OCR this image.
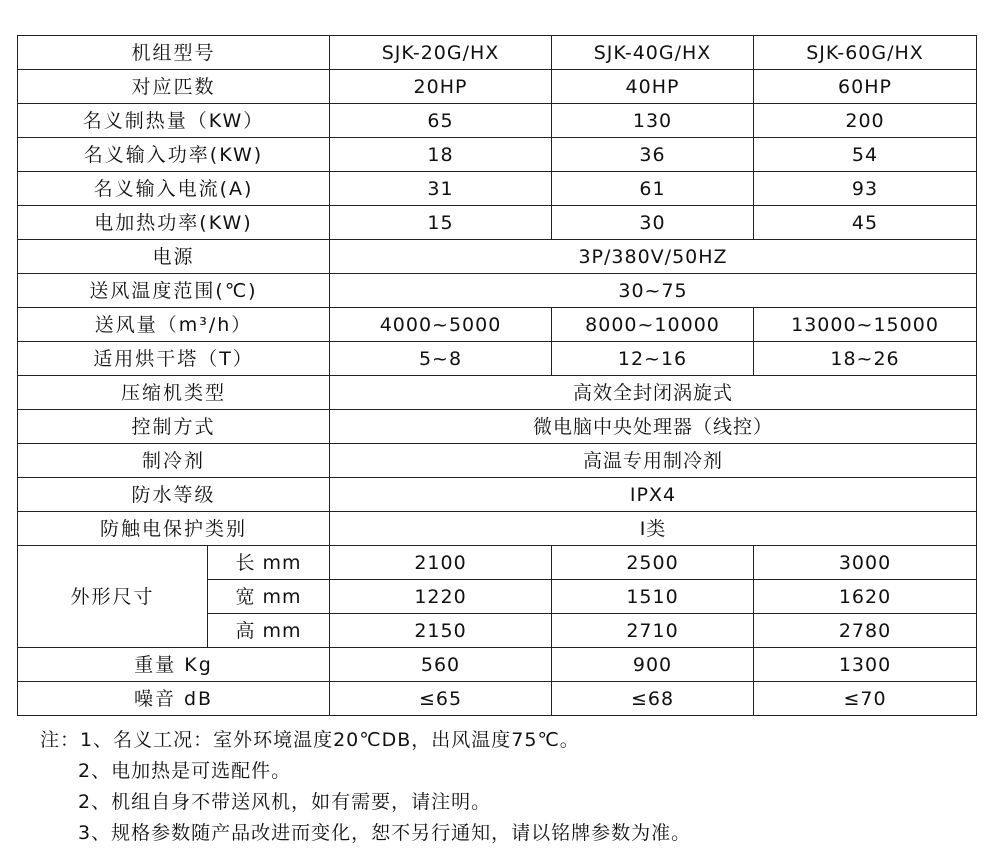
机组型号		SJK-20G/HX	SJK-40G/HX	SJK-60G/HX
对应匹数		20HP	40HP	60HP
名义制热量（KW）		65	130	200
名义输入功率(KW)		18	36	54
名义输入电流(A)		31	61	93
电加热功率(KW)		15	30	45
电源		3P/380V/50HZ		
送风温度范围(℃)		30~75		
送风量（m³/h）		4000~5000	8000~10000	13000~15000
适用烘干塔（T）		5~8	12~16	18~26
压缩机类型		高效全封闭涡旋式		
控制方式		微电脑中央处理器（线控）		
制冷剂		高温专用制冷剂		
防水等级		IPX4		
防触电保护类别		Ⅰ类		
外形尺寸	长 mm	2100	2500	3000
	宽 mm	1220	1510	1620
	高 mm	2150	2710	2780
重量 Kg		560	900	1300
噪音 dB		≤65	≤68	≤70
注：1、名义工况：室外环境温度20℃DB，出风温度75℃。
2、电加热是可选配件。
2、机组自身不带送风机，如有需要，请注明。
3、规格参数随产品改进而变化，恕不另行通知，请以铭牌参数为准。
